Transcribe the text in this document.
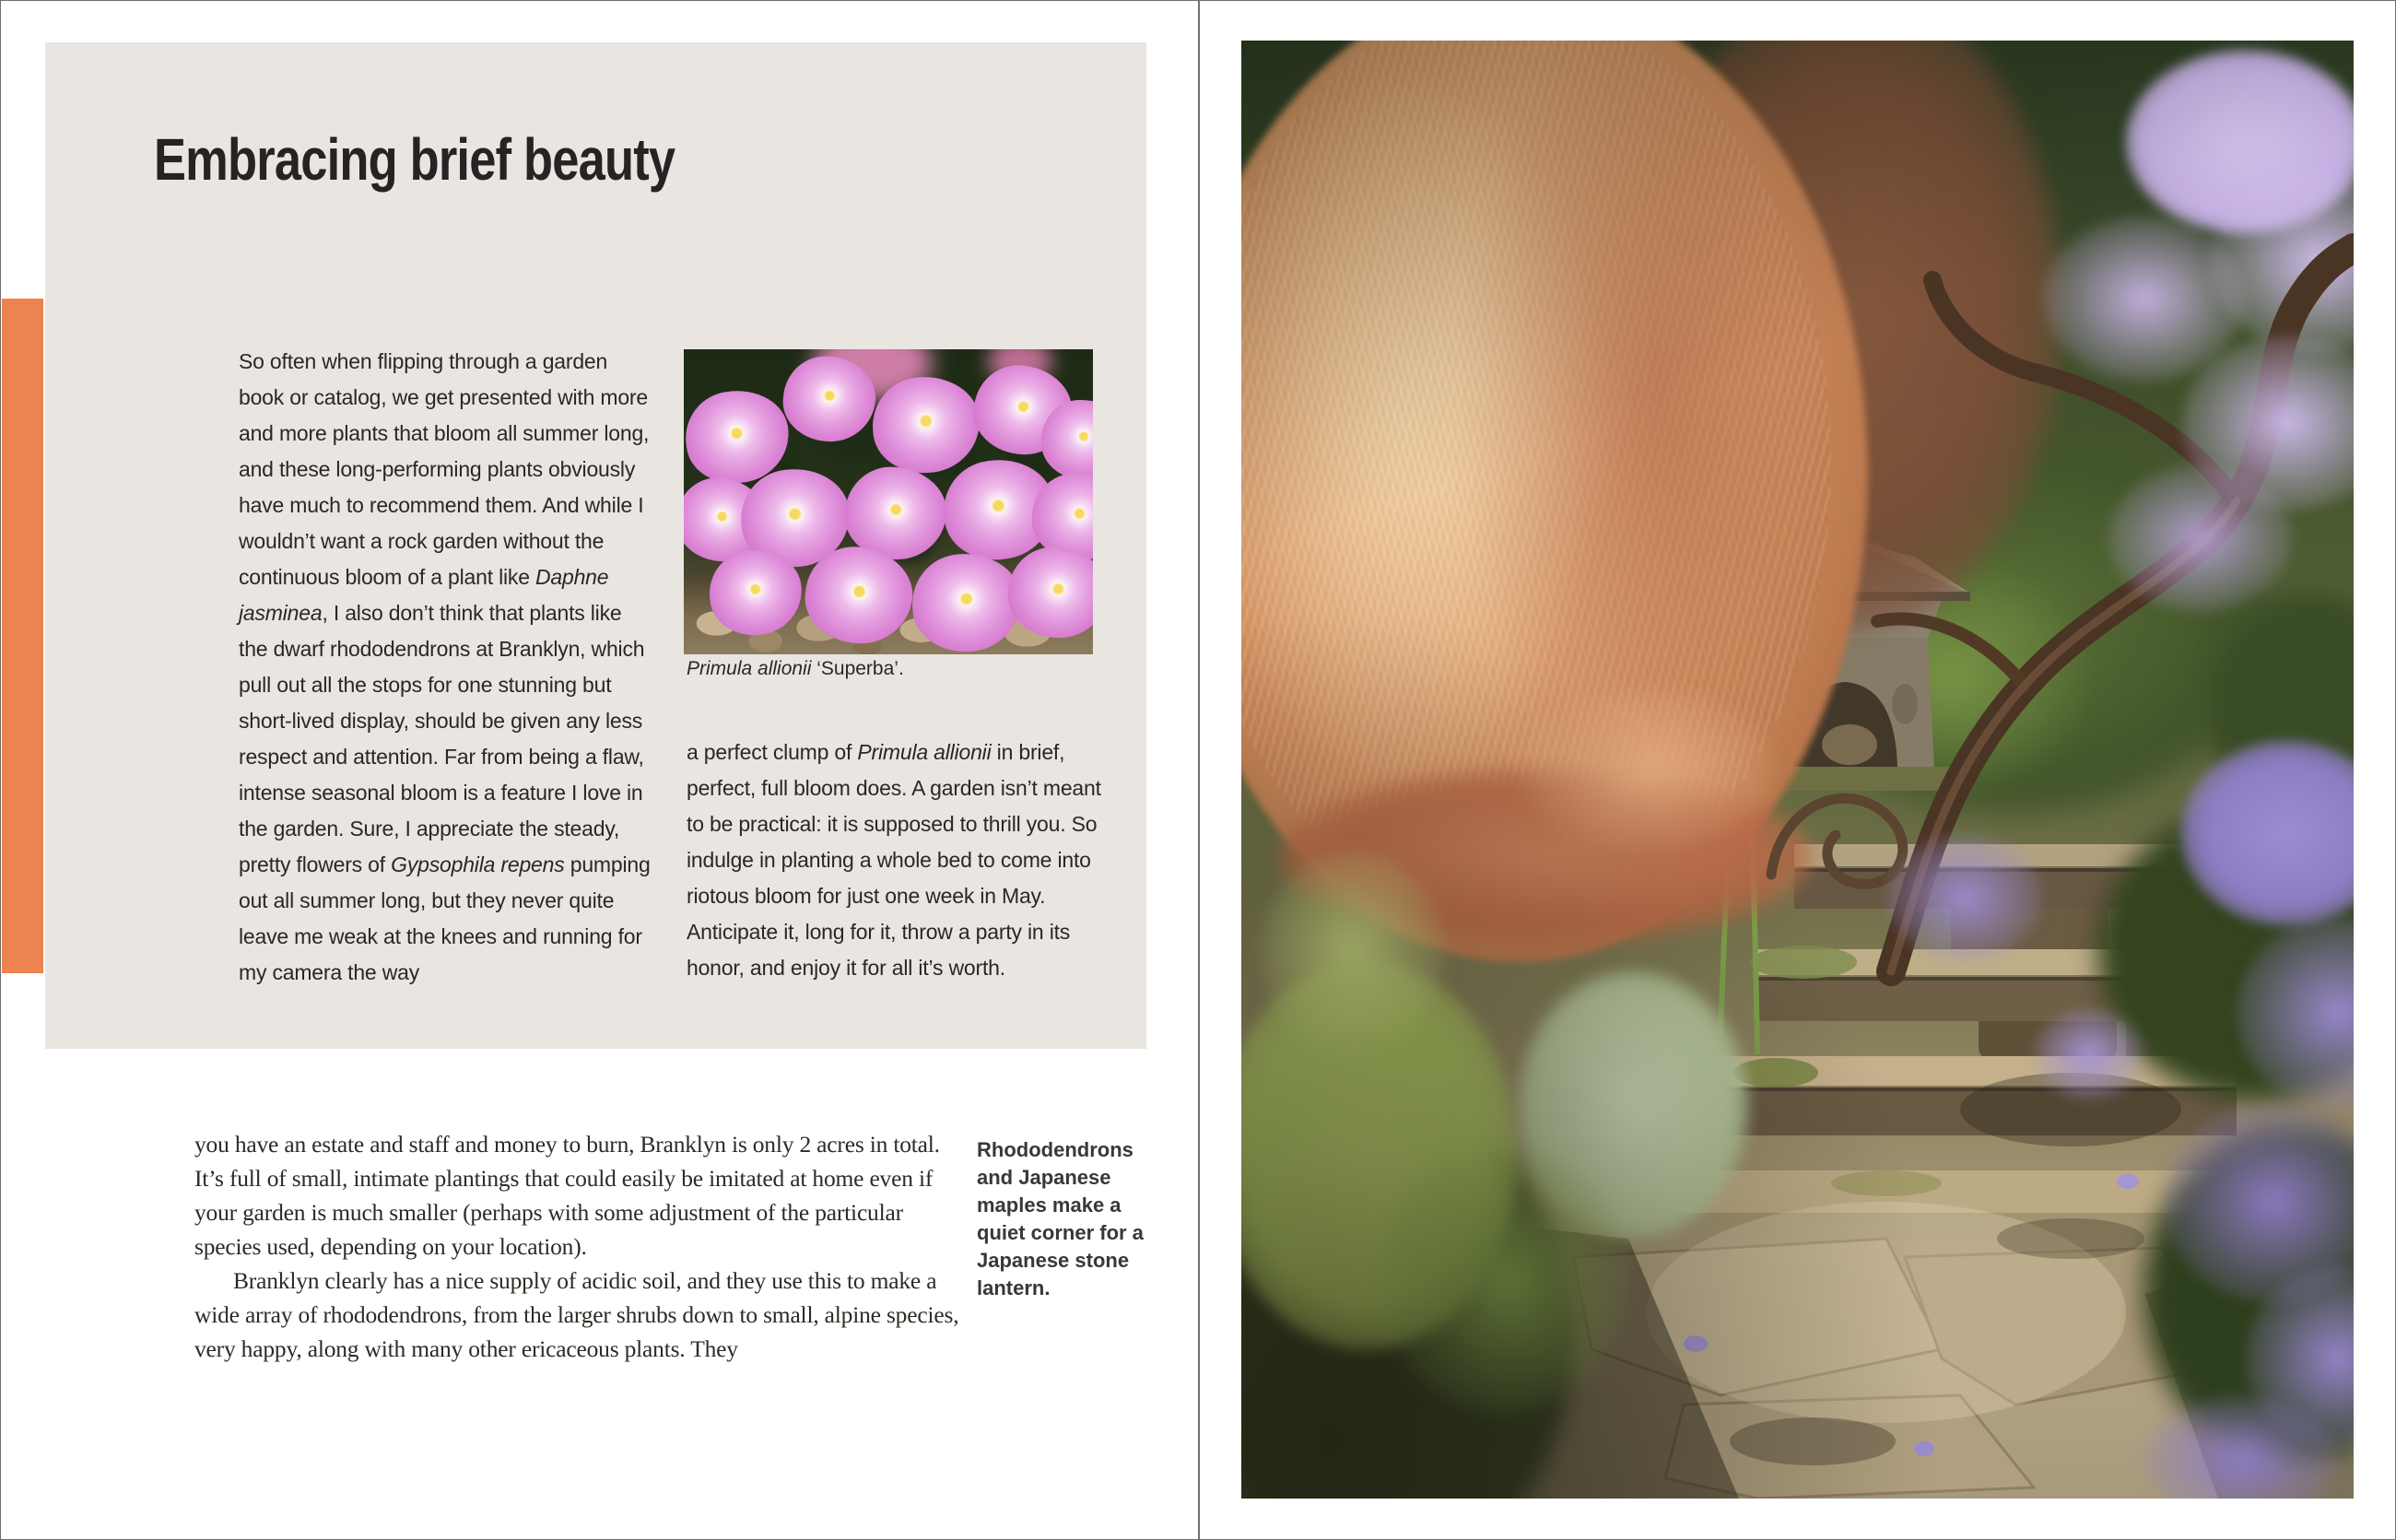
Embracing brief beauty
So often when flipping through a garden book or catalog, we get presented with more and more plants that bloom all summer long, and these long-performing plants obviously have much to recommend them. And while I wouldn’t want a rock garden without the continuous bloom of a plant like Daphne jasminea, I also don’t think that plants like the dwarf rhododendrons at Branklyn, which pull out all the stops for one stunning but short-lived display, should be given any less respect and attention. Far from being a flaw, intense seasonal bloom is a feature I love in the garden. Sure, I appreciate the steady, pretty flowers of Gypsophila repens pumping out all summer long, but they never quite leave me weak at the knees and running for my camera the way

Primula allionii ‘Superba’.

a perfect clump of Primula allionii in brief, perfect, full bloom does. A garden isn’t meant to be practical: it is supposed to thrill you. So indulge in planting a whole bed to come into riotous bloom for just one week in May. Anticipate it, long for it, throw a party in its honor, and enjoy it for all it’s worth.

you have an estate and staff and money to burn, Branklyn is only 2 acres in total. It’s full of small, intimate plantings that could easily be imitated at home even if your garden is much smaller (perhaps with some adjustment of the particular species used, depending on your location).

Branklyn clearly has a nice supply of acidic soil, and they use this to make a wide array of rhododendrons, from the larger shrubs down to small, alpine species, very happy, along with many other ericaceous plants. They

Rhododendrons and Japanese maples make a quiet corner for a Japanese stone lantern.
